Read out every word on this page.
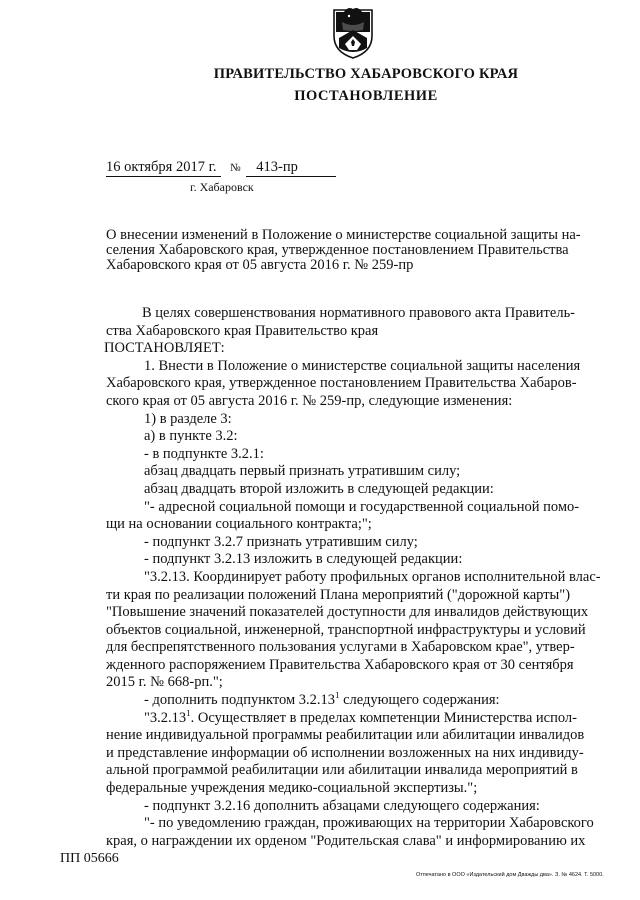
ПРАВИТЕЛЬСТВО ХАБАРОВСКОГО КРАЯ
ПОСТАНОВЛЕНИЕ
16 октября 2017 г. № 413-пр
г. Хабаровск
О внесении изменений в Положение о министерстве социальной защиты на-
селения Хабаровского края, утвержденное постановлением Правительства
Хабаровского края от 05 августа 2016 г. № 259-пр
В целях совершенствования нормативного правового акта Правитель-
ства Хабаровского края Правительство края
ПОСТАНОВЛЯЕТ:
1. Внести в Положение о министерстве социальной защиты населения
Хабаровского края, утвержденное постановлением Правительства Хабаров-
ского края от 05 августа 2016 г. № 259-пр, следующие изменения:
1) в разделе 3:
а) в пункте 3.2:
- в подпункте 3.2.1:
абзац двадцать первый признать утратившим силу;
абзац двадцать второй изложить в следующей редакции:
"- адресной социальной помощи и государственной социальной помо-
щи на основании социального контракта;";
- подпункт 3.2.7 признать утратившим силу;
- подпункт 3.2.13 изложить в следующей редакции:
"3.2.13. Координирует работу профильных органов исполнительной влас-
ти края по реализации положений Плана мероприятий ("дорожной карты")
"Повышение значений показателей доступности для инвалидов действующих
объектов социальной, инженерной, транспортной инфраструктуры и условий
для беспрепятственного пользования услугами в Хабаровском крае", утвер-
жденного распоряжением Правительства Хабаровского края от 30 сентября
2015 г. № 668-рп.";
- дополнить подпунктом 3.2.13$^1$ следующего содержания:
"3.2.13$^1$. Осуществляет в пределах компетенции Министерства испол-
нение индивидуальной программы реабилитации или абилитации инвалидов
и представление информации об исполнении возложенных на них индивиду-
альной программой реабилитации или абилитации инвалида мероприятий в
федеральные учреждения медико-социальной экспертизы.";
- подпункт 3.2.16 дополнить абзацами следующего содержания:
"- по уведомлению граждан, проживающих на территории Хабаровского
края, о награждении их орденом "Родительская слава" и информированию их
ПП 05666
Отпечатано в ООО «Издательский дом Дважды два». З. № 4624. Т. 5000.
